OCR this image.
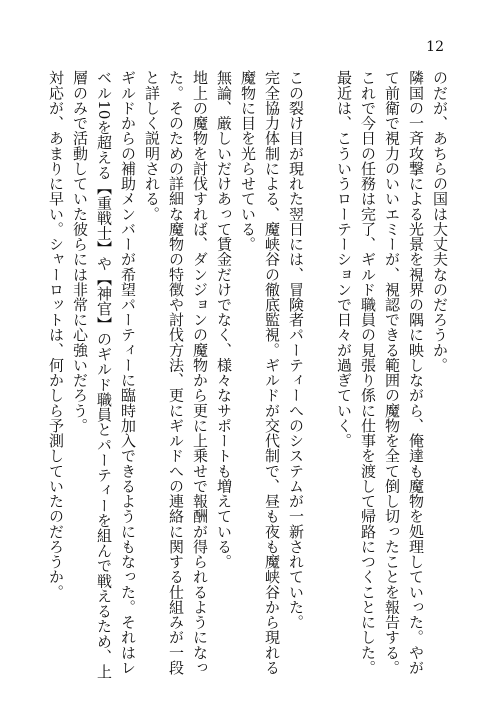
12

のだが、あちらの国は大丈夫なのだろうか。

隣国の一斉攻撃による光景を視界の隅に映しながら、俺達も魔物を処理していった。やがて前衛で視力のいいエミーが、視認できる範囲の魔物を全て倒し切ったことを報告する。

これで今日の任務は完了、ギルド職員の見張り係に仕事を渡して帰路につくことにした。

最近は、こういうローテーションで日々が過ぎていく。

この裂け目が現れた翌日には、冒険者パーティーへのシステムが一新されていた。

完全協力体制による、魔峡谷の徹底監視。ギルドが交代制で、昼も夜も魔峡谷から現れる魔物に目を光らせている。

無論、厳しいだけあって賃金だけでなく、様々なサポートも増えている。

地上の魔物を討伐すれば、ダンジョンの魔物から更に上乗せで報酬が得られるようになった。そのための詳細な魔物の特徴や討伐方法、更にギルドへの連絡に関する仕組みが一段と詳しく説明される。

ギルドからの補助メンバーが希望パーティーに臨時加入できるようにもなった。それはレベル10を超える【重戦士】や【神官】のギルド職員とパーティーを組んで戦えるため、上層のみで活動していた彼らには非常に心強いだろう。

対応が、あまりに早い。シャーロットは、何かしら予測していたのだろうか。
